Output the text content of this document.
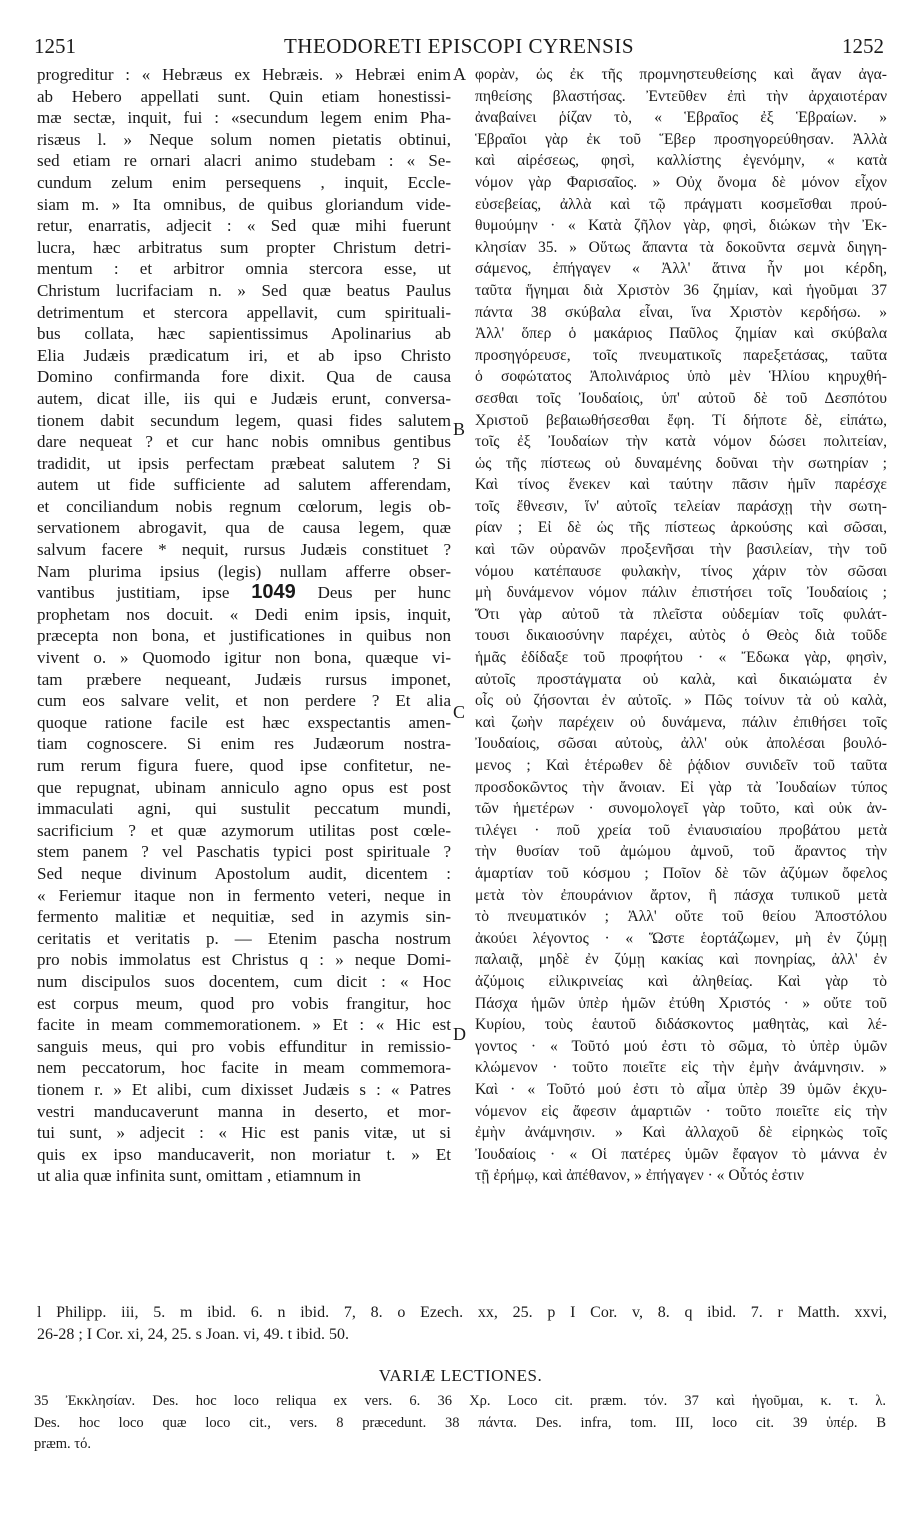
1251	THEODORETI EPISCOPI CYRENSIS	1252
progreditur : « Hebræus ex Hebræis. » Hebræi enim
ab Hebero appellati sunt. Quin etiam honestissi-
mæ sectæ, inquit, fui : «secundum legem enim Pha-
risæus l. » Neque solum nomen pietatis obtinui,
sed etiam re ornari alacri animo studebam : « Se-
cundum zelum enim persequens , inquit, Eccle-
siam m. » Ita omnibus, de quibus gloriandum vide-
retur, enarratis, adjecit : « Sed quæ mihi fuerunt
lucra, hæc arbitratus sum propter Christum detri-
mentum : et arbitror omnia stercora esse, ut
Christum lucrifaciam n. » Sed quæ beatus Paulus
detrimentum et stercora appellavit, cum spirituali-
bus collata, hæc sapientissimus Apolinarius ab
Elia Judæis prædicatum iri, et ab ipso Christo
Domino confirmanda fore dixit. Qua de causa
autem, dicat ille, iis qui e Judæis erunt, conversa-
tionem dabit secundum legem, quasi fides salutem
dare nequeat ? et cur hanc nobis omnibus gentibus
tradidit, ut ipsis perfectam præbeat salutem ? Si
autem ut fide sufficiente ad salutem afferendam,
et conciliandum nobis regnum cœlorum, legis ob-
servationem abrogavit, qua de causa legem, quæ
salvum facere * nequit, rursus Judæis constituet ?
Nam plurima ipsius (legis) nullam afferre obser-
vantibus justitiam, ipse 1049 Deus per hunc
prophetam nos docuit. « Dedi enim ipsis, inquit,
præcepta non bona, et justificationes in quibus non
vivent o. » Quomodo igitur non bona, quæque vi-
tam præbere nequeant, Judæis rursus imponet,
cum eos salvare velit, et non perdere ? Et alia
quoque ratione facile est hæc exspectantis amen-
tiam cognoscere. Si enim res Judæorum nostra-
rum rerum figura fuere, quod ipse confitetur, ne-
que repugnat, ubinam anniculo agno opus est post
immaculati agni, qui sustulit peccatum mundi,
sacrificium ? et quæ azymorum utilitas post cœle-
stem panem ? vel Paschatis typici post spirituale ?
Sed neque divinum Apostolum audit, dicentem :
« Feriemur itaque non in fermento veteri, neque in
fermento malitiæ et nequitiæ, sed in azymis sin-
ceritatis et veritatis p. — Etenim pascha nostrum
pro nobis immolatus est Christus q : » neque Domi-
num discipulos suos docentem, cum dicit : « Hoc
est corpus meum, quod pro vobis frangitur, hoc
facite in meam commemorationem. » Et : « Hic est
sanguis meus, qui pro vobis effunditur in remissio-
nem peccatorum, hoc facite in meam commemora-
tionem r. » Et alibi, cum dixisset Judæis s : « Patres
vestri manducaverunt manna in deserto, et mor-
tui sunt, » adjecit : « Hic est panis vitæ, ut si
quis ex ipso manducaverit, non moriatur t. » Et
ut alia quæ infinita sunt, omittam , etiamnum in
φορὰν, ὡς ἐκ τῆς προμνηστευθείσης καὶ ἄγαν ἀγα-
πηθείσης βλαστήσας. Ἐντεῦθεν ἐπὶ τὴν ἀρχαιοτέραν
ἀναβαίνει ῥίζαν τὸ, « Ἑβραῖος ἐξ Ἑβραίων. »
Ἑβραῖοι γὰρ ἐκ τοῦ Ἕβερ προσηγορεύθησαν. Ἀλλὰ
καὶ αἱρέσεως, φησὶ, καλλίστης ἐγενόμην, « κατὰ
νόμον γὰρ Φαρισαῖος. » Οὐχ ὄνομα δὲ μόνον εἶχον
εὐσεβείας, ἀλλὰ καὶ τῷ πράγματι κοσμεῖσθαι πρού-
θυμούμην · « Κατὰ ζῆλον γὰρ, φησὶ, διώκων τὴν Ἐκ-
κλησίαν 35. » Οὕτως ἅπαντα τὰ δοκοῦντα σεμνὰ διηγη-
σάμενος, ἐπήγαγεν « Ἀλλ' ἅτινα ἦν μοι κέρδη,
ταῦτα ἥγημαι διὰ Χριστὸν 36 ζημίαν, καὶ ἡγοῦμαι 37
πάντα 38 σκύβαλα εἶναι, ἵνα Χριστὸν κερδήσω. »
Ἀλλ' ὅπερ ὁ μακάριος Παῦλος ζημίαν καὶ σκύβαλα
προσηγόρευσε, τοῖς πνευματικοῖς παρεξετάσας, ταῦτα
ὁ σοφώτατος Ἀπολινάριος ὑπὸ μὲν Ἡλίου κηρυχθή-
σεσθαι τοῖς Ἰουδαίοις, ὑπ' αὐτοῦ δὲ τοῦ Δεσπότου
Χριστοῦ βεβαιωθήσεσθαι ἔφη. Τί δήποτε δὲ, εἰπάτω,
τοῖς ἐξ Ἰουδαίων τὴν κατὰ νόμον δώσει πολιτείαν,
ὡς τῆς πίστεως οὐ δυναμένης δοῦναι τὴν σωτηρίαν ;
Καὶ τίνος ἕνεκεν καὶ ταύτην πᾶσιν ἡμῖν παρέσχε
τοῖς ἔθνεσιν, ἵν' αὐτοῖς τελείαν παράσχῃ τὴν σωτη-
ρίαν ; Εἰ δὲ ὡς τῆς πίστεως ἀρκούσης καὶ σῶσαι,
καὶ τῶν οὐρανῶν προξενῆσαι τὴν βασιλείαν, τὴν τοῦ
νόμου κατέπαυσε φυλακὴν, τίνος χάριν τὸν σῶσαι
μὴ δυνάμενον νόμον πάλιν ἐπιστήσει τοῖς Ἰουδαίοις ;
Ὅτι γὰρ αὐτοῦ τὰ πλεῖστα οὐδεμίαν τοῖς φυλάτ-
τουσι δικαιοσύνην παρέχει, αὐτὸς ὁ Θεὸς διὰ τοῦδε
ἡμᾶς ἐδίδαξε τοῦ προφήτου · « Ἔδωκα γὰρ, φησὶν,
αὐτοῖς προστάγματα οὐ καλὰ, καὶ δικαιώματα ἐν
οἷς οὐ ζήσονται ἐν αὐτοῖς. » Πῶς τοίνυν τὰ οὐ καλὰ,
καὶ ζωὴν παρέχειν οὐ δυνάμενα, πάλιν ἐπιθήσει τοῖς
Ἰουδαίοις, σῶσαι αὐτοὺς, ἀλλ' οὐκ ἀπολέσαι βουλό-
μενος ; Καὶ ἑτέρωθεν δὲ ῥᾴδιον συνιδεῖν τοῦ ταῦτα
προσδοκῶντος τὴν ἄνοιαν. Εἰ γὰρ τὰ Ἰουδαίων τύπος
τῶν ἡμετέρων · συνομολογεῖ γὰρ τοῦτο, καὶ οὐκ ἀν-
τιλέγει · ποῦ χρεία τοῦ ἐνιαυσιαίου προβάτου μετὰ
τὴν θυσίαν τοῦ ἀμώμου ἀμνοῦ, τοῦ ἄραντος τὴν
ἁμαρτίαν τοῦ κόσμου ; Ποῖον δὲ τῶν ἀζύμων ὄφελος
μετὰ τὸν ἐπουράνιον ἄρτον, ἢ πάσχα τυπικοῦ μετὰ
τὸ πνευματικόν ; Ἀλλ' οὔτε τοῦ θείου Ἀποστόλου
ἀκούει λέγοντος · « Ὥστε ἑορτάζωμεν, μὴ ἐν ζύμῃ
παλαιᾷ, μηδὲ ἐν ζύμῃ κακίας καὶ πονηρίας, ἀλλ' ἐν
ἀζύμοις εἰλικρινείας καὶ ἀληθείας. Καὶ γὰρ τὸ
Πάσχα ἡμῶν ὑπὲρ ἡμῶν ἐτύθη Χριστός · » οὔτε τοῦ
Κυρίου, τοὺς ἑαυτοῦ διδάσκοντος μαθητὰς, καὶ λέ-
γοντος · « Τοῦτό μού ἐστι τὸ σῶμα, τὸ ὑπὲρ ὑμῶν
κλώμενον · τοῦτο ποιεῖτε εἰς τὴν ἐμὴν ἀνάμνησιν. »
Καὶ · « Τοῦτό μού ἐστι τὸ αἷμα ὑπὲρ 39 ὑμῶν ἐκχυ-
νόμενον εἰς ἄφεσιν ἁμαρτιῶν · τοῦτο ποιεῖτε εἰς τὴν
ἐμὴν ἀνάμνησιν. » Καὶ ἀλλαχοῦ δὲ εἰρηκὼς τοῖς
Ἰουδαίοις · « Οἱ πατέρες ὑμῶν ἔφαγον τὸ μάννα ἐν
τῇ ἐρήμῳ, καὶ ἀπέθανον, » ἐπήγαγεν · « Οὗτός ἐστιν
A
B
C
D
l Philipp. iii, 5. m ibid. 6. n ibid. 7, 8. o Ezech. xx, 25. p I Cor. v, 8. q ibid. 7. r Matth. xxvi,
26-28 ; I Cor. xi, 24, 25. s Joan. vi, 49. t ibid. 50.
VARIÆ LECTIONES.
35 Ἐκκλησίαν. Des. hoc loco reliqua ex vers. 6. 36 Χρ. Loco cit. præm. τόν. 37 καὶ ἡγοῦμαι, κ. τ. λ.
Des. hoc loco quæ loco cit., vers. 8 præcedunt. 38 πάντα. Des. infra, tom. III, loco cit. 39 ὑπέρ. B
præm. τό.
